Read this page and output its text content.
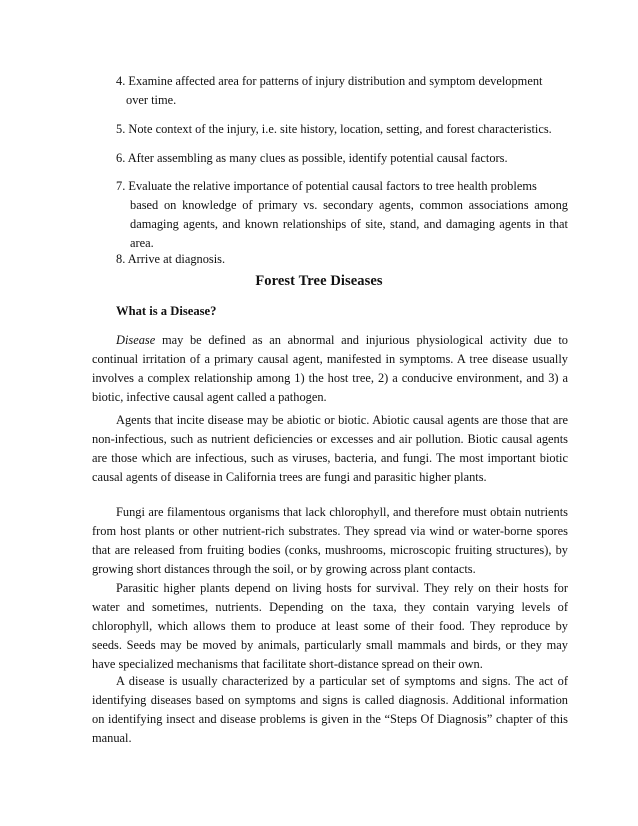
4. Examine affected area for patterns of injury distribution and symptom development
over time.
5. Note context of the injury, i.e. site history, location, setting, and forest characteristics.
6. After assembling as many clues as possible, identify potential causal factors.
7. Evaluate the relative importance of potential causal factors to tree health problems
based on knowledge of primary vs. secondary agents, common associations among damaging agents, and known relationships of site, stand, and damaging agents in that area.
8. Arrive at diagnosis.
Forest Tree Diseases
What is a Disease?
Disease may be defined as an abnormal and injurious physiological activity due to continual irritation of a primary causal agent, manifested in symptoms. A tree disease usually involves a complex relationship among 1) the host tree, 2) a conducive environment, and 3) a biotic, infective causal agent called a pathogen.
Agents that incite disease may be abiotic or biotic. Abiotic causal agents are those that are non-infectious, such as nutrient deficiencies or excesses and air pollution. Biotic causal agents are those which are infectious, such as viruses, bacteria, and fungi. The most important biotic causal agents of disease in California trees are fungi and parasitic higher plants.
Fungi are filamentous organisms that lack chlorophyll, and therefore must obtain nutrients from host plants or other nutrient-rich substrates. They spread via wind or water-borne spores that are released from fruiting bodies (conks, mushrooms, microscopic fruiting structures), by growing short distances through the soil, or by growing across plant contacts.
Parasitic higher plants depend on living hosts for survival. They rely on their hosts for water and sometimes, nutrients. Depending on the taxa, they contain varying levels of chlorophyll, which allows them to produce at least some of their food. They reproduce by seeds. Seeds may be moved by animals, particularly small mammals and birds, or they may have specialized mechanisms that facilitate short-distance spread on their own.
A disease is usually characterized by a particular set of symptoms and signs. The act of identifying diseases based on symptoms and signs is called diagnosis. Additional information on identifying insect and disease problems is given in the “Steps Of Diagnosis” chapter of this manual.
